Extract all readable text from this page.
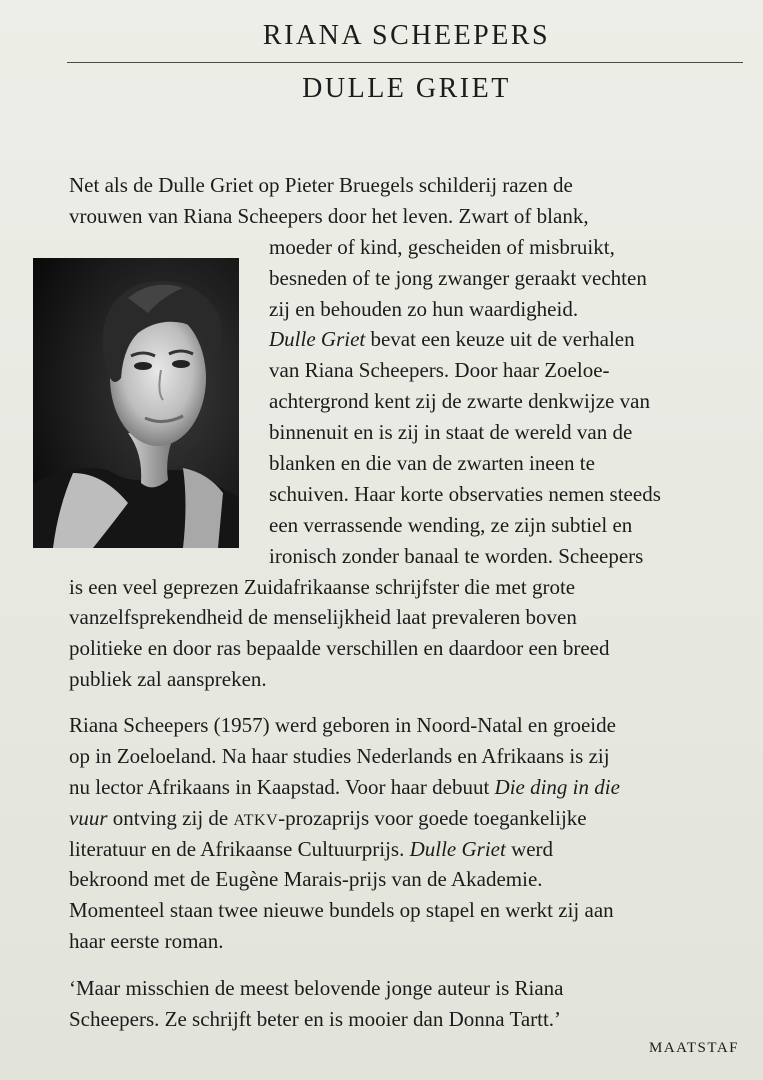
RIANA SCHEEPERS
DULLE GRIET
Net als de Dulle Griet op Pieter Bruegels schilderij razen de
vrouwen van Riana Scheepers door het leven. Zwart of blank,
moeder of kind, gescheiden of misbruikt,
besneden of te jong zwanger geraakt vechten
zij en behouden zo hun waardigheid.
Dulle Griet bevat een keuze uit de verhalen
van Riana Scheepers. Door haar Zoeloe-
achtergrond kent zij de zwarte denkwijze van
binnenuit en is zij in staat de wereld van de
blanken en die van de zwarten ineen te
schuiven. Haar korte observaties nemen steeds
een verrassende wending, ze zijn subtiel en
ironisch zonder banaal te worden. Scheepers
is een veel geprezen Zuidafrikaanse schrijfster die met grote
vanzelfsprekendheid de menselijkheid laat prevaleren boven
politieke en door ras bepaalde verschillen en daardoor een breed
publiek zal aanspreken.
Riana Scheepers (1957) werd geboren in Noord-Natal en groeide
op in Zoeloeland. Na haar studies Nederlands en Afrikaans is zij
nu lector Afrikaans in Kaapstad. Voor haar debuut Die ding in die
vuur ontving zij de ATKV-prozaprijs voor goede toegankelijke
literatuur en de Afrikaanse Cultuurprijs. Dulle Griet werd
bekroond met de Eugène Marais-prijs van de Akademie.
Momenteel staan twee nieuwe bundels op stapel en werkt zij aan
haar eerste roman.
‘Maar misschien de meest belovende jonge auteur is Riana
Scheepers. Ze schrijft beter en is mooier dan Donna Tartt.’
MAATSTAF
